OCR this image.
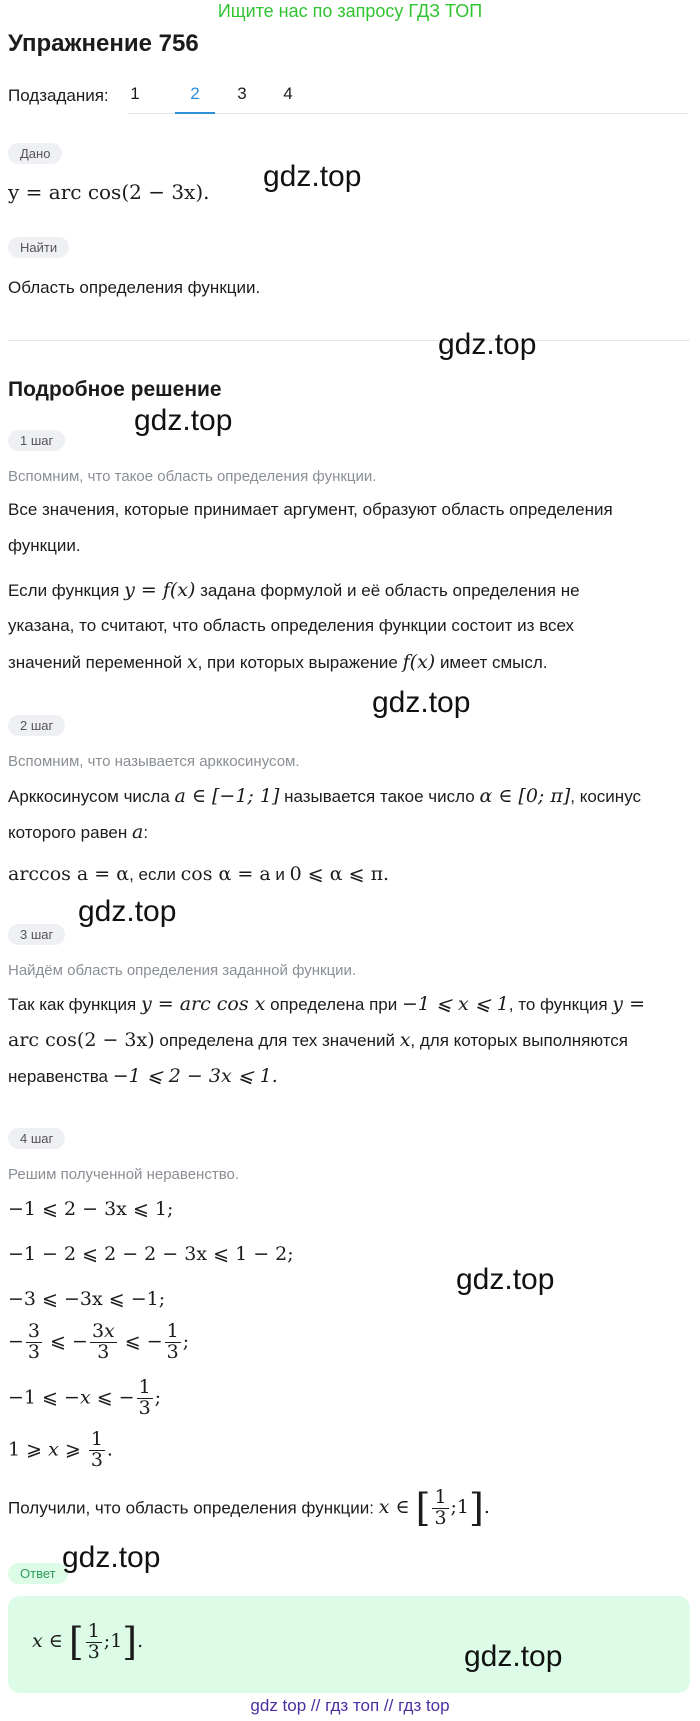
Ищите нас по запросу ГДЗ ТОП
Упражнение 756
Подзадания:	1	2	3	4
Дано
y = arc cos(2 − 3x).
Найти
Область определения функции.
Подробное решение
1 шаг
Вспомним, что такое область определения функции.
Все значения, которые принимает аргумент, образуют область определения
функции.
Если функция y = f(x) задана формулой и её область определения не
указана, то считают, что область определения функции состоит из всех
значений переменной x, при которых выражение f(x) имеет смысл.
2 шаг
Вспомним, что называется арккосинусом.
Арккосинусом числа a ∈ [−1; 1] называется такое число α ∈ [0; π], косинус
которого равен a:
arccos a = α, если cos α = a и 0 ⩽ α ⩽ π.
3 шаг
Найдём область определения заданной функции.
Так как функция y = arc cos x определена при −1 ⩽ x ⩽ 1, то функция y =
arc cos(2 − 3x) определена для тех значений x, для которых выполняются
неравенства −1 ⩽ 2 − 3x ⩽ 1.
4 шаг
Решим полученной неравенство.
−1 ⩽ 2 − 3x ⩽ 1;
−1 − 2 ⩽ 2 − 2 − 3x ⩽ 1 − 2;
−3 ⩽ −3x ⩽ −1;
− $\frac{3}{3}$ ⩽ − $\frac{3x}{3}$ ⩽ − $\frac{1}{3}$ ;
−1 ⩽ −x ⩽ − $\frac{1}{3}$ ;
1 ⩾ x ⩾ $\frac{1}{3}$ .
Получили, что область определения функции: x ∈ [ $\frac{1}{3}$ ;1].
Ответ
x ∈ [ $\frac{1}{3}$ ;1].
gdz.top
gdz.top
gdz.top
gdz.top
gdz.top
gdz.top
gdz.top
gdz.top
gdz top // гдз топ // гдз top
